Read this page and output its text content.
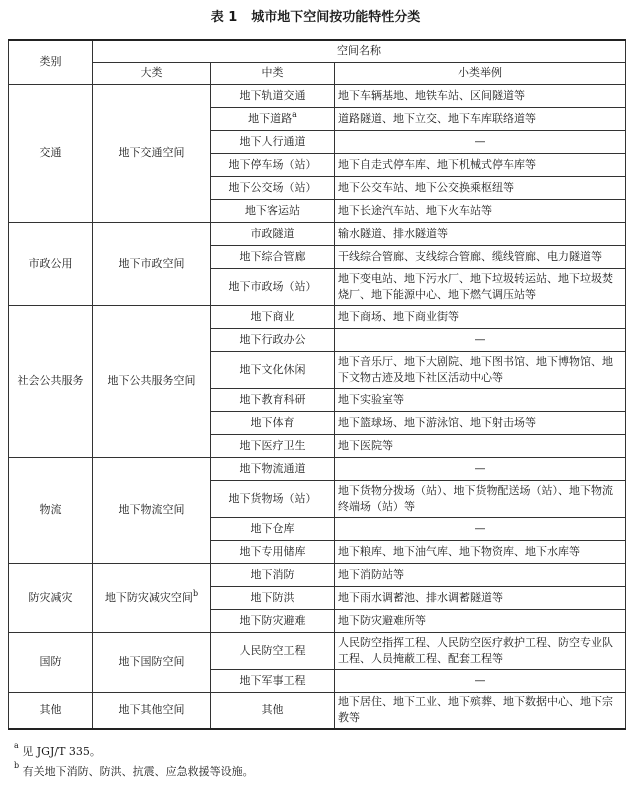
表 1 城市地下空间按功能特性分类
类别	空间名称		
	大类	中类	小类举例
交通	地下交通空间	地下轨道交通	地下车辆基地、地铁车站、区间隧道等
		地下道路$^a$	道路隧道、地下立交、地下车库联络道等
		地下人行通道	—
		地下停车场（站）	地下自走式停车库、地下机械式停车库等
		地下公交场（站）	地下公交车站、地下公交换乘枢纽等
		地下客运站	地下长途汽车站、地下火车站等
市政公用	地下市政空间	市政隧道	输水隧道、排水隧道等
		地下综合管廊	干线综合管廊、支线综合管廊、缆线管廊、电力隧道等
		地下市政场（站）	地下变电站、地下污水厂、地下垃圾转运站、地下垃圾焚烧厂、地下能源中心、地下燃气调压站等
社会公共服务	地下公共服务空间	地下商业	地下商场、地下商业街等
		地下行政办公	—
		地下文化休闲	地下音乐厅、地下大剧院、地下图书馆、地下博物馆、地下文物古迹及地下社区活动中心等
		地下教育科研	地下实验室等
		地下体育	地下篮球场、地下游泳馆、地下射击场等
		地下医疗卫生	地下医院等
物流	地下物流空间	地下物流通道	—
		地下货物场（站）	地下货物分拨场（站）、地下货物配送场（站）、地下物流终端场（站）等
		地下仓库	—
		地下专用储库	地下粮库、地下油气库、地下物资库、地下水库等
防灾减灾	地下防灾减灾空间$^b$	地下消防	地下消防站等
		地下防洪	地下雨水调蓄池、排水调蓄隧道等
		地下防灾避难	地下防灾避难所等
国防	地下国防空间	人民防空工程	人民防空指挥工程、人民防空医疗救护工程、防空专业队工程、人员掩蔽工程、配套工程等
		地下军事工程	—
其他	地下其他空间	其他	地下居住、地下工业、地下殡葬、地下数据中心、地下宗教等
$^a$ 见 JGJ/T 335。
$^b$ 有关地下消防、防洪、抗震、应急救援等设施。
